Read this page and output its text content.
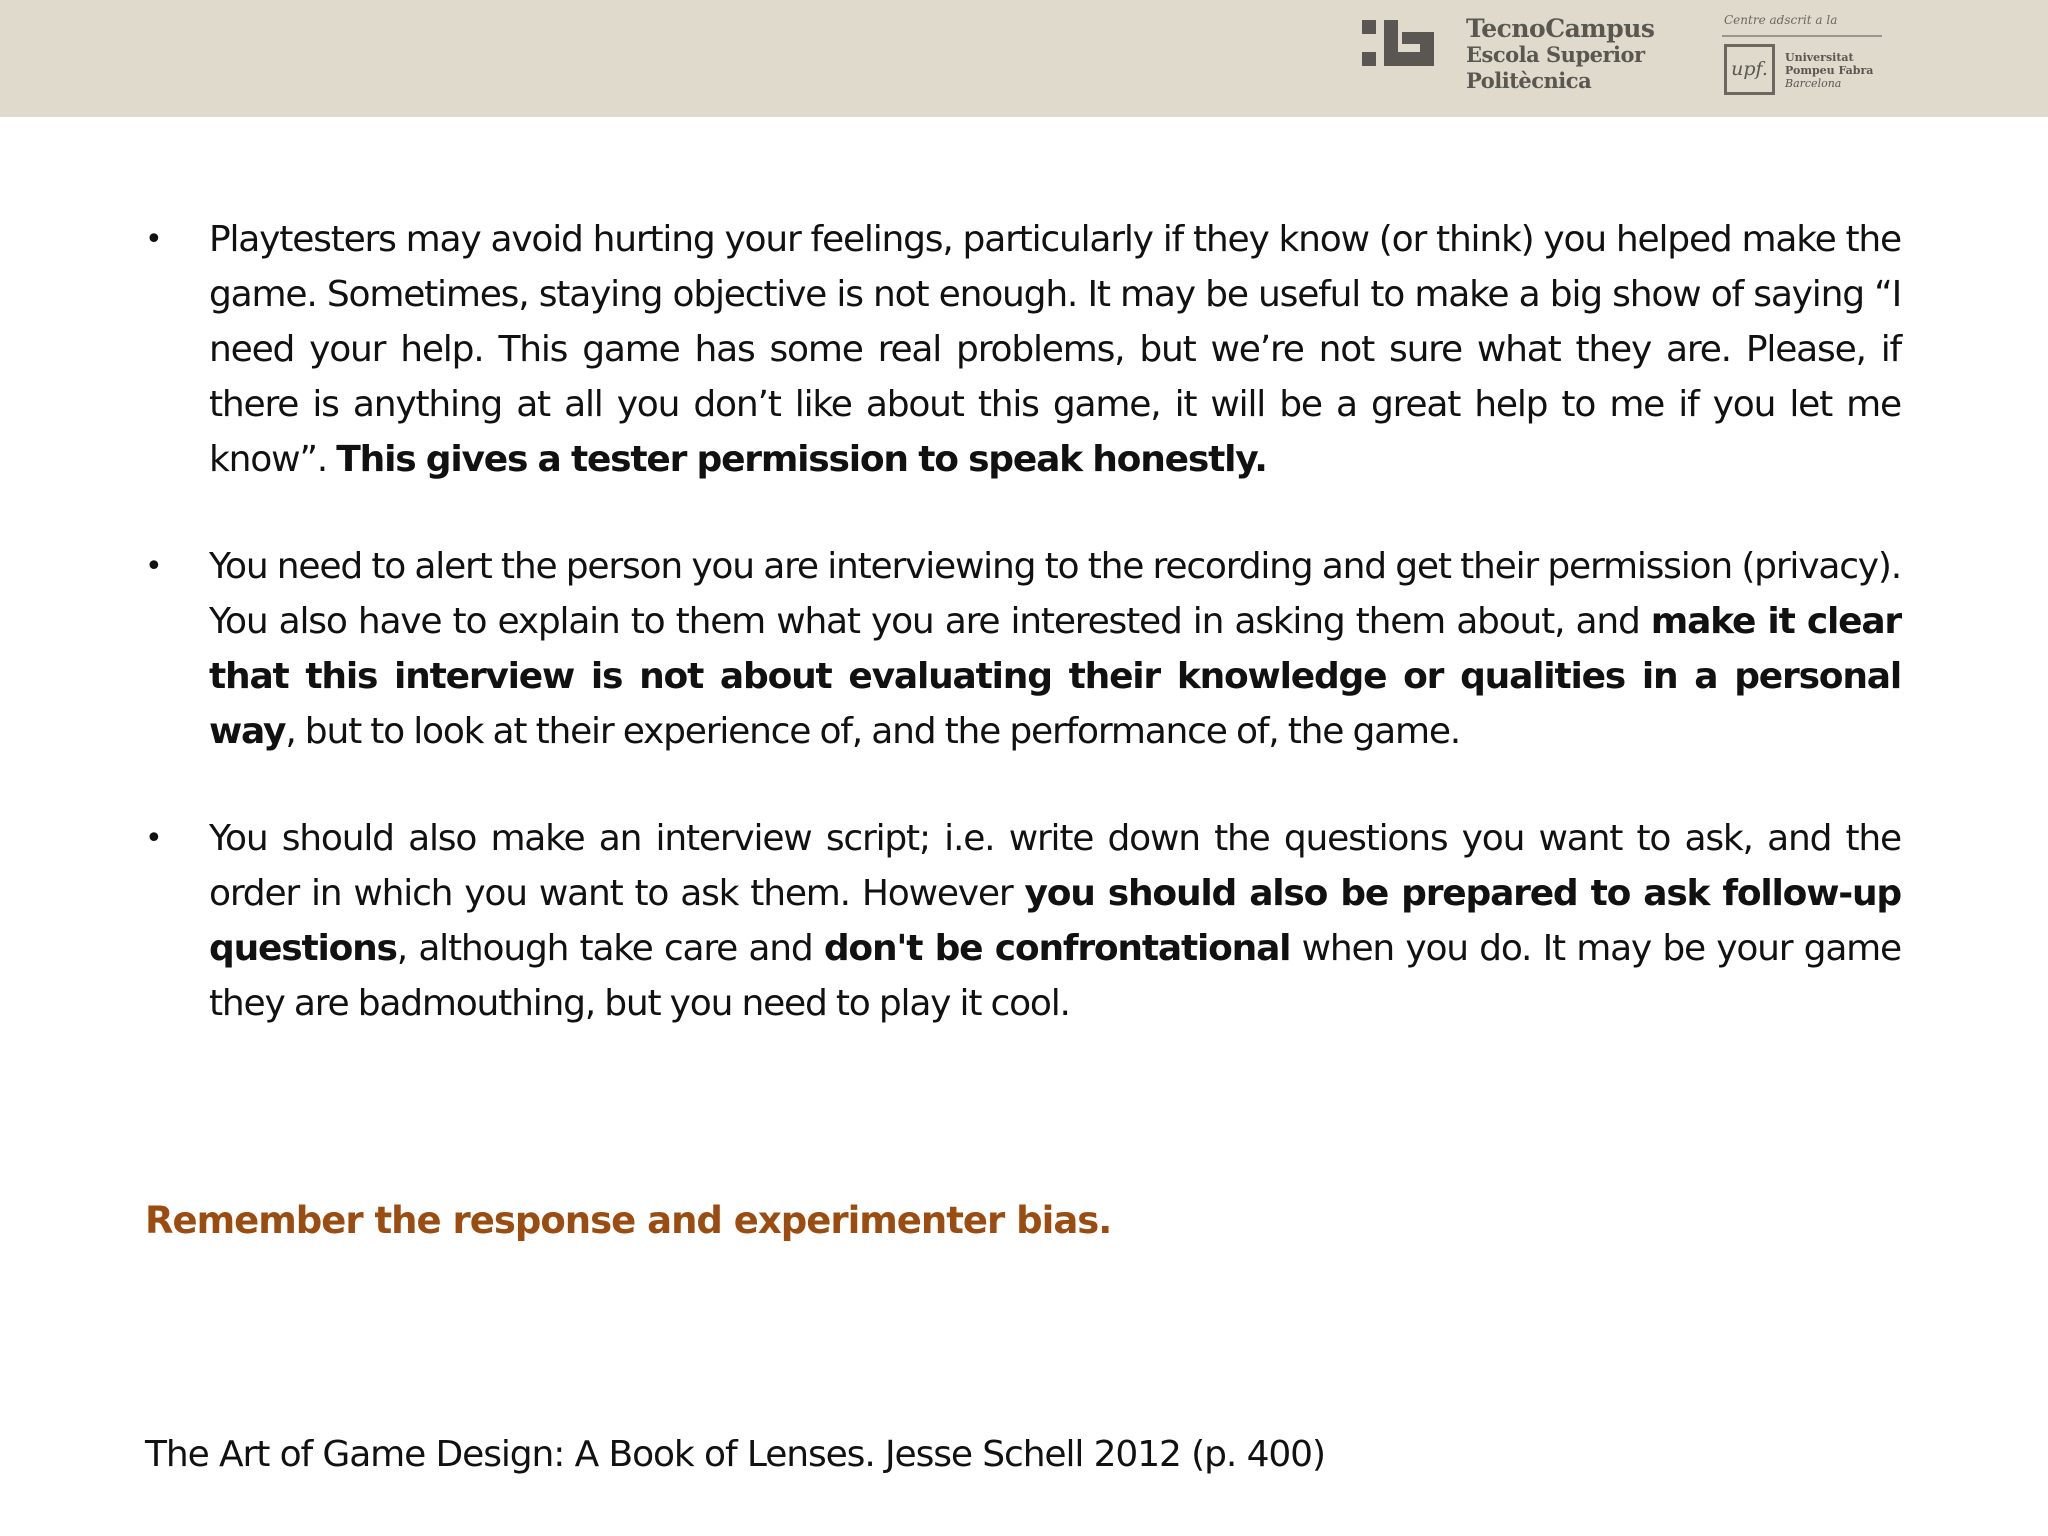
TecnoCampus
Escola Superior
Politècnica
Centre adscrit a la
upf.
Universitat
Pompeu Fabra
Barcelona
• Playtesters may avoid hurting your feelings, particularly if they know (or think) you helped make the game. Sometimes, staying objective is not enough. It may be useful to make a big show of saying “I need your help. This game has some real problems, but we’re not sure what they are. Please, if there is anything at all you don’t like about this game, it will be a great help to me if you let me know”. This gives a tester permission to speak honestly.
• You need to alert the person you are interviewing to the recording and get their permission (privacy). You also have to explain to them what you are interested in asking them about, and make it clear that this interview is not about evaluating their knowledge or qualities in a personal way, but to look at their experience of, and the performance of, the game.
• You should also make an interview script; i.e. write down the questions you want to ask, and the order in which you want to ask them. However you should also be prepared to ask follow-up questions, although take care and don't be confrontational when you do. It may be your game they are badmouthing, but you need to play it cool.
Remember the response and experimenter bias.
The Art of Game Design: A Book of Lenses. Jesse Schell 2012 (p. 400)
